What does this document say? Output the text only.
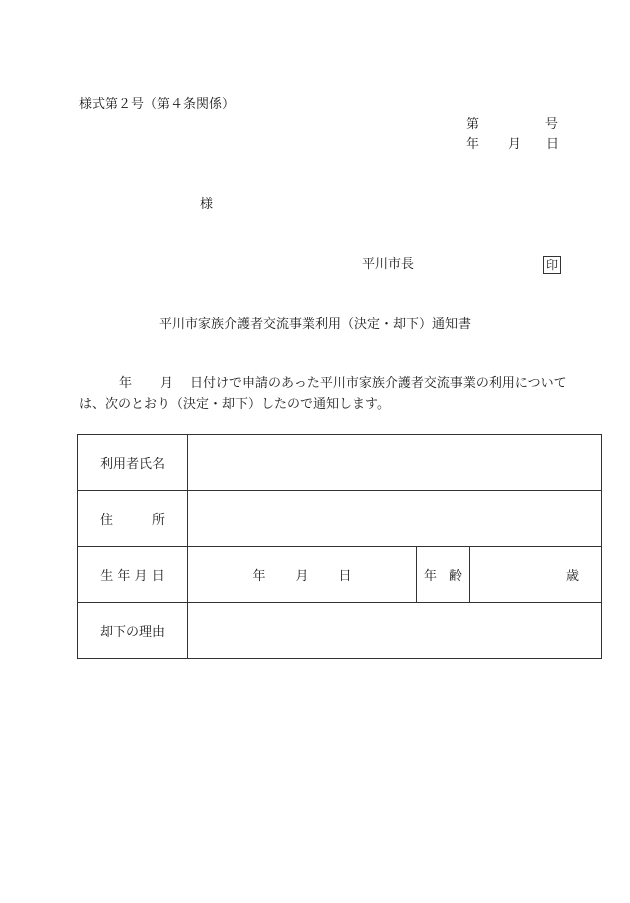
様式第２号（第４条関係）
第	号
年 月 日
様
平川市長	印
平川市家族介護者交流事業利用（決定・却下）通知書
年 月 日付けで申請のあった平川市家族介護者交流事業の利用について
は、次のとおり（決定・却下）したので通知します。
利用者氏名			
住 所			
生 年 月 日	年 月 日	年 齢	歳
却下の理由			
